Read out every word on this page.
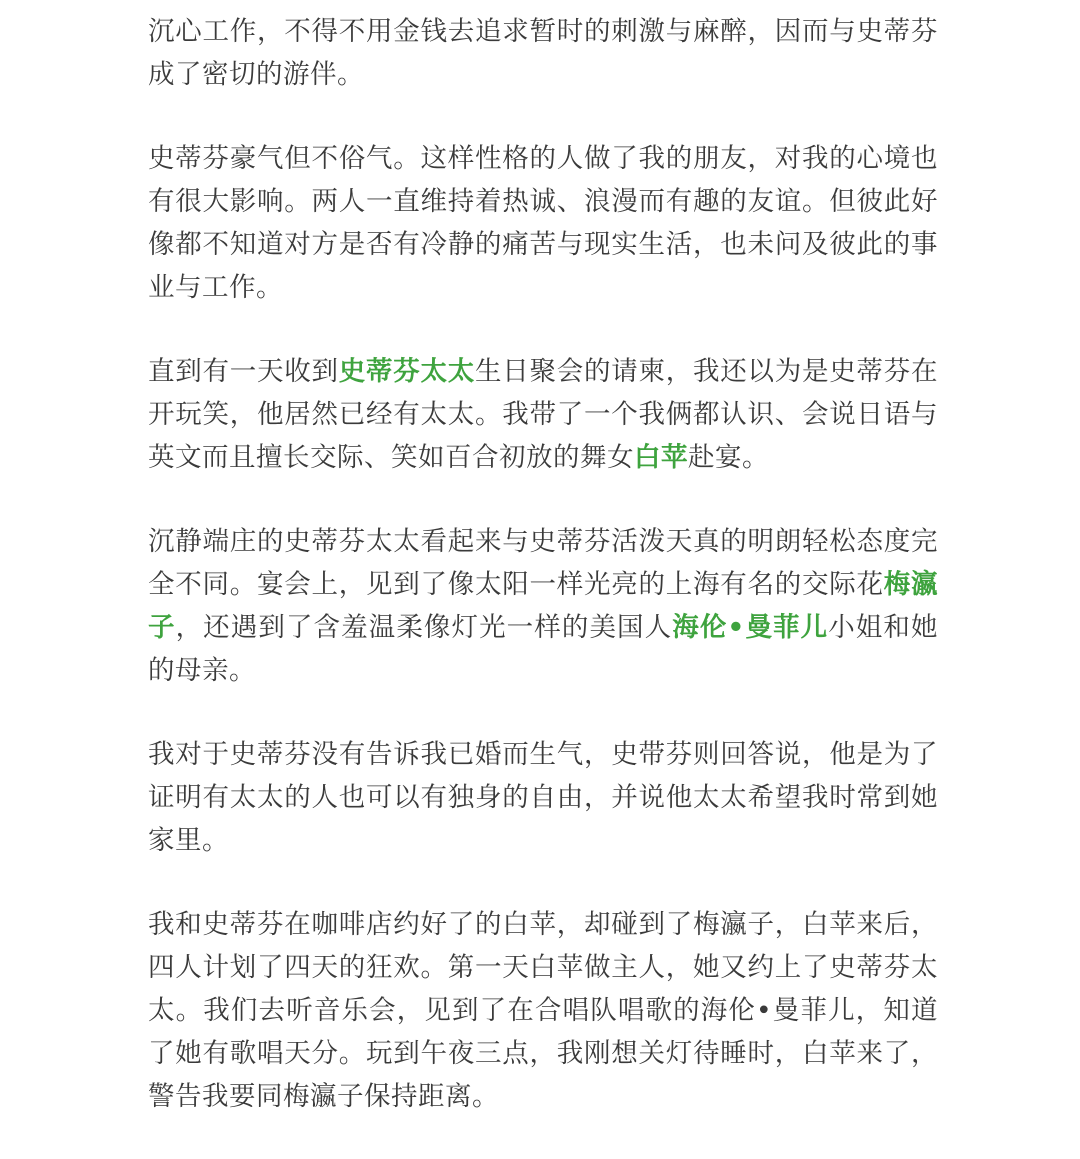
沉心工作，不得不用金钱去追求暂时的刺激与麻醉，因而与史蒂芬成了密切的游伴。

史蒂芬豪气但不俗气。这样性格的人做了我的朋友，对我的心境也有很大影响。两人一直维持着热诚、浪漫而有趣的友谊。但彼此好像都不知道对方是否有冷静的痛苦与现实生活，也未问及彼此的事业与工作。

直到有一天收到史蒂芬太太生日聚会的请柬，我还以为是史蒂芬在开玩笑，他居然已经有太太。我带了一个我俩都认识、会说日语与英文而且擅长交际、笑如百合初放的舞女白苹赴宴。

沉静端庄的史蒂芬太太看起来与史蒂芬活泼天真的明朗轻松态度完全不同。宴会上，见到了像太阳一样光亮的上海有名的交际花梅瀛子，还遇到了含羞温柔像灯光一样的美国人海伦•曼菲儿小姐和她的母亲。

我对于史蒂芬没有告诉我已婚而生气，史带芬则回答说，他是为了证明有太太的人也可以有独身的自由，并说他太太希望我时常到她家里。

我和史蒂芬在咖啡店约好了的白苹，却碰到了梅瀛子，白苹来后，四人计划了四天的狂欢。第一天白苹做主人，她又约上了史蒂芬太太。我们去听音乐会，见到了在合唱队唱歌的海伦•曼菲儿，知道了她有歌唱天分。玩到午夜三点，我刚想关灯待睡时，白苹来了，警告我要同梅瀛子保持距离。
